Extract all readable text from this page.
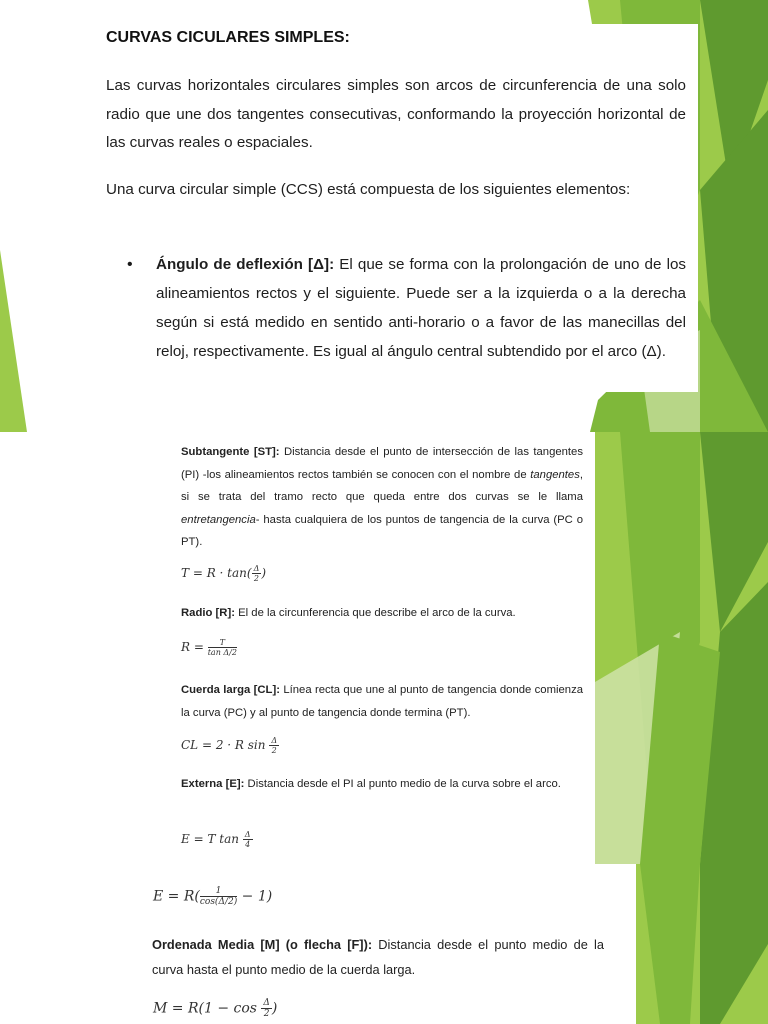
CURVAS CICULARES SIMPLES:
Las curvas horizontales circulares simples son arcos de circunferencia de una solo radio que une dos tangentes consecutivas, conformando la proyección horizontal de las curvas reales o espaciales.
Una curva circular simple (CCS) está compuesta de los siguientes elementos:
• Ángulo de deflexión [Δ]: El que se forma con la prolongación de uno de los alineamientos rectos y el siguiente. Puede ser a la izquierda o a la derecha según si está medido en sentido anti-horario o a favor de las manecillas del reloj, respectivamente. Es igual al ángulo central subtendido por el arco (Δ).
Subtangente [ST]: Distancia desde el punto de intersección de las tangentes (PI) -los alineamientos rectos también se conocen con el nombre de tangentes, si se trata del tramo recto que queda entre dos curvas se le llama entretangencia- hasta cualquiera de los puntos de tangencia de la curva (PC o PT).
$T = R \cdot \tan( \frac{\Delta}{2}$ )
Radio [R]: El de la circunferencia que describe el arco de la curva.
$R = \frac{T}{\text{tan Δ/2}}$
Cuerda larga [CL]: Línea recta que une al punto de tangencia donde comienza la curva (PC) y al punto de tangencia donde termina (PT).
CL = 2 · R $\sin \frac{\Delta}{2}$
Externa [E]: Distancia desde el PI al punto medio de la curva sobre el arco.
E = T $\tan \frac{\Delta}{4}$
$E = R( \frac{1}{\cos(\Delta/2)} - 1)$
Ordenada Media [M] (o flecha [F]): Distancia desde el punto medio de la curva hasta el punto medio de la cuerda larga.
$M = R(1 - \cos \frac{\Delta}{2}$ )
